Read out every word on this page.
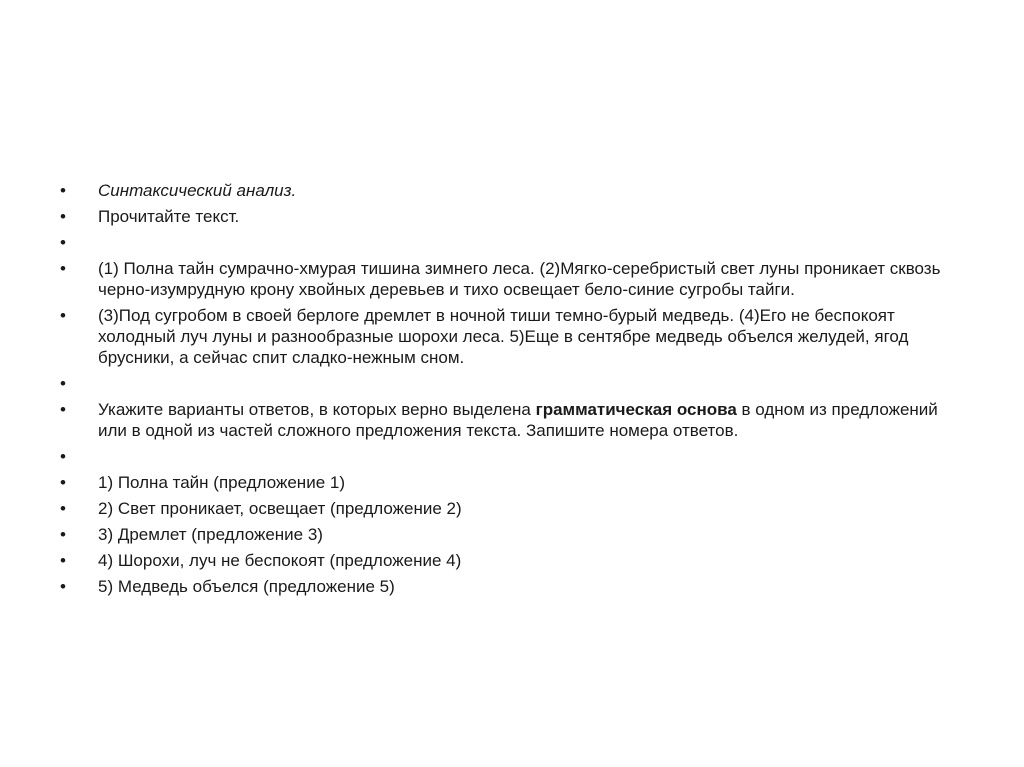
• Синтаксический анализ.
• Прочитайте текст.
•
• (1) Полна тайн сумрачно-хмурая тишина зимнего леса. (2)Мягко-серебристый свет луны проникает сквозь черно-изумрудную крону хвойных деревьев и тихо освещает бело-синие сугробы тайги.
• (3)Под сугробом в своей берлоге дремлет в ночной тиши темно-бурый медведь. (4)Его не беспокоят холодный луч луны и разнообразные шорохи леса. 5)Еще в сентябре медведь объелся желудей, ягод брусники, а сейчас спит сладко-нежным сном.
•
• Укажите варианты ответов, в которых верно выделена грамматическая основа в одном из предложений или в одной из частей сложного предложения текста. Запишите номера ответов.
•
• 1) Полна тайн (предложение 1)
• 2) Свет проникает, освещает (предложение 2)
• 3) Дремлет (предложение 3)
• 4) Шорохи, луч не беспокоят (предложение 4)
• 5) Медведь объелся (предложение 5)
